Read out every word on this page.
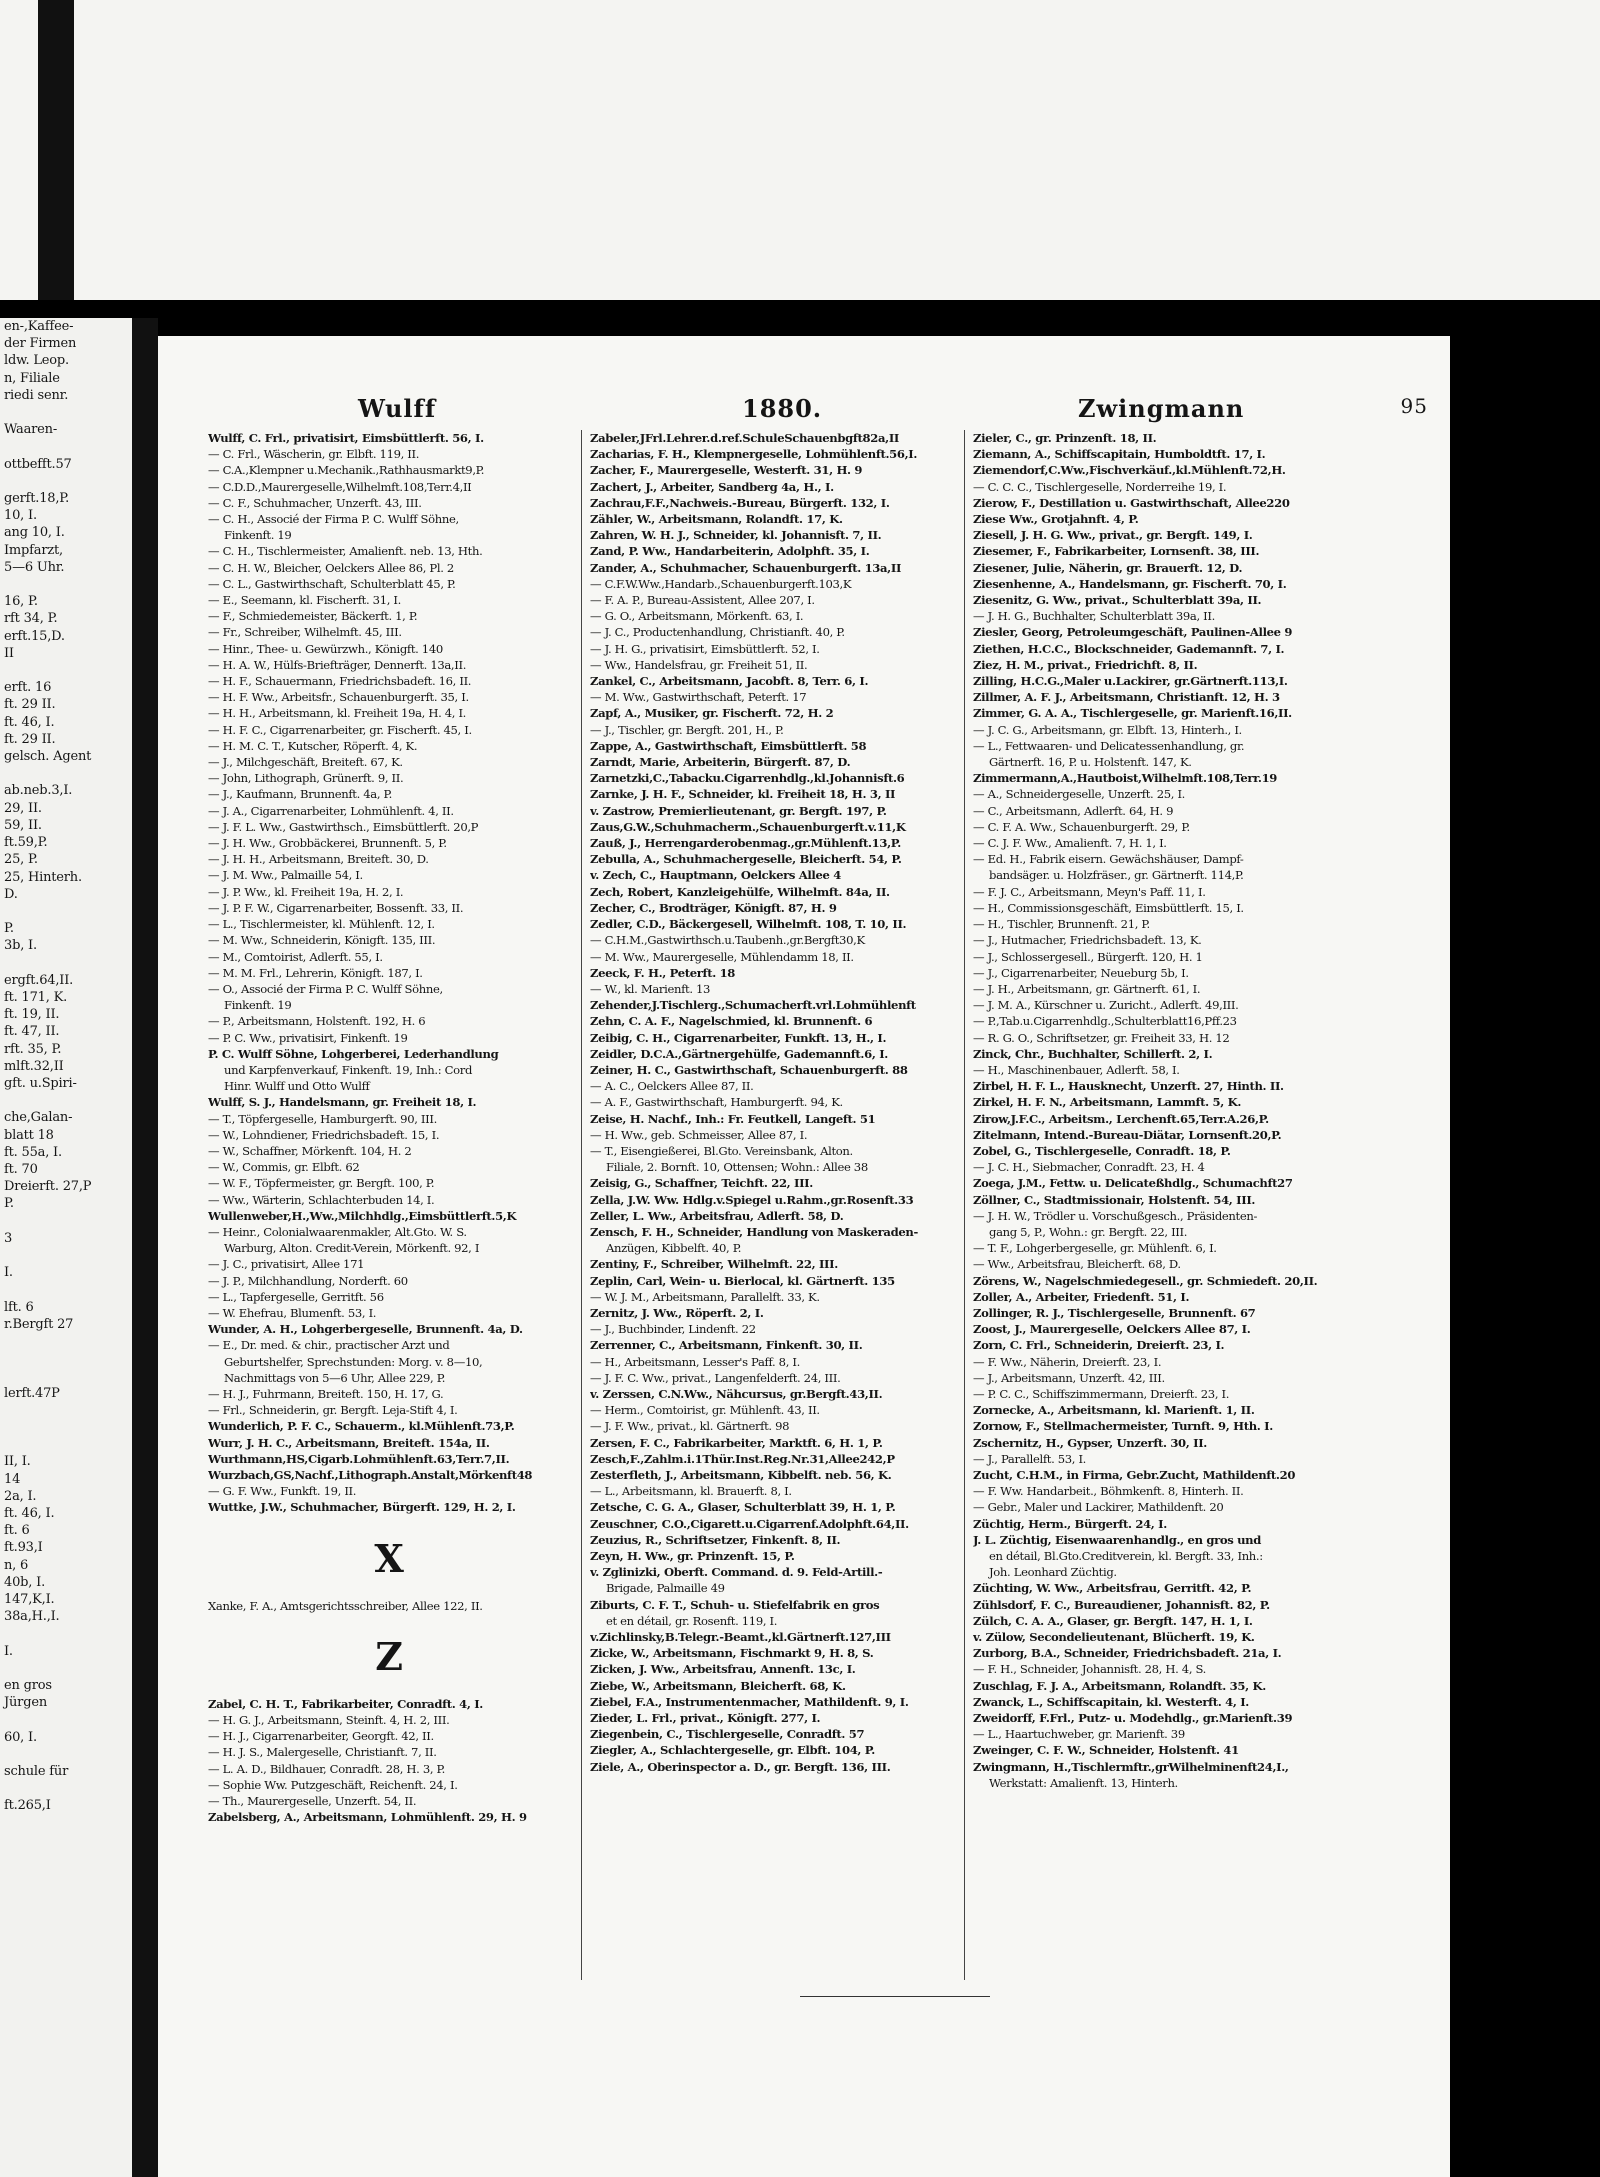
en-,Kaffee-
der Firmen
ldw. Leop.
n, Filiale
riedi senr.

Waaren-

ottbefft.57

gerft.18,P.
10, I.
ang 10, I.
Impfarzt,
5—6 Uhr.

16, P.
rft 34, P.
erft.15,D.
II

erft. 16
ft. 29 II.
ft. 46, I.
ft. 29 II.
gelsch. Agent

ab.neb.3,I.
29, II.
59, II.
ft.59,P.
25, P.
25, Hinterh.
D.

P.
3b, I.

ergft.64,II.
ft. 171, K.
ft. 19, II.
ft. 47, II.
rft. 35, P.
mlft.32,II
gft. u.Spiri-

che,Galan-
blatt 18
ft. 55a, I.
ft. 70
Dreierft. 27,P
P.

3

I.

lft. 6
r.Bergft 27

lerft.47P

II, I.
14
2a, I.
ft. 46, I.
ft. 6
ft.93,I
n, 6
40b, I.
147,K,I.
38a,H.,I.

I.

en gros
Jürgen

60, I.

schule für

ft.265,I
Wulff	1880.	Zwingmann	95
Wulff, C. Frl., privatisirt, Eimsbüttlerft. 56, I.
— C. Frl., Wäscherin, gr. Elbft. 119, II.
— C.A.,Klempner u.Mechanik.,Rathhausmarkt9,P.
— C.D.D.,Maurergeselle,Wilhelmft.108,Terr.4,II
— C. F., Schuhmacher, Unzerft. 43, III.
— C. H., Associé der Firma P. C. Wulff Söhne,
Finkenft. 19
— C. H., Tischlermeister, Amalienft. neb. 13, Hth.
— C. H. W., Bleicher, Oelckers Allee 86, Pl. 2
— C. L., Gastwirthschaft, Schulterblatt 45, P.
— E., Seemann, kl. Fischerft. 31, I.
— F., Schmiedemeister, Bäckerft. 1, P.
— Fr., Schreiber, Wilhelmft. 45, III.
— Hinr., Thee- u. Gewürzwh., Königft. 140
— H. A. W., Hülfs-Briefträger, Dennerft. 13a,II.
— H. F., Schauermann, Friedrichsbadeft. 16, II.
— H. F. Ww., Arbeitsfr., Schauenburgerft. 35, I.
— H. H., Arbeitsmann, kl. Freiheit 19a, H. 4, I.
— H. F. C., Cigarrenarbeiter, gr. Fischerft. 45, I.
— H. M. C. T., Kutscher, Röperft. 4, K.
— J., Milchgeschäft, Breiteft. 67, K.
— John, Lithograph, Grünerft. 9, II.
— J., Kaufmann, Brunnenft. 4a, P.
— J. A., Cigarrenarbeiter, Lohmühlenft. 4, II.
— J. F. L. Ww., Gastwirthsch., Eimsbüttlerft. 20,P
— J. H. Ww., Grobbäckerei, Brunnenft. 5, P.
— J. H. H., Arbeitsmann, Breiteft. 30, D.
— J. M. Ww., Palmaille 54, I.
— J. P. Ww., kl. Freiheit 19a, H. 2, I.
— J. P. F. W., Cigarrenarbeiter, Bossenft. 33, II.
— L., Tischlermeister, kl. Mühlenft. 12, I.
— M. Ww., Schneiderin, Königft. 135, III.
— M., Comtoirist, Adlerft. 55, I.
— M. M. Frl., Lehrerin, Königft. 187, I.
— O., Associé der Firma P. C. Wulff Söhne,
Finkenft. 19
— P., Arbeitsmann, Holstenft. 192, H. 6
— P. C. Ww., privatisirt, Finkenft. 19
P. C. Wulff Söhne, Lohgerberei, Lederhandlung
und Karpfenverkauf, Finkenft. 19, Inh.: Cord
Hinr. Wulff und Otto Wulff
Wulff, S. J., Handelsmann, gr. Freiheit 18, I.
— T., Töpfergeselle, Hamburgerft. 90, III.
— W., Lohndiener, Friedrichsbadeft. 15, I.
— W., Schaffner, Mörkenft. 104, H. 2
— W., Commis, gr. Elbft. 62
— W. F., Töpfermeister, gr. Bergft. 100, P.
— Ww., Wärterin, Schlachterbuden 14, I.
Wullenweber,H.,Ww.,Milchhdlg.,Eimsbüttlerft.5,K
— Heinr., Colonialwaarenmakler, Alt.Gto. W. S.
Warburg, Alton. Credit-Verein, Mörkenft. 92, I
— J. C., privatisirt, Allee 171
— J. P., Milchhandlung, Norderft. 60
— L., Tapfergeselle, Gerritft. 56
— W. Ehefrau, Blumenft. 53, I.
Wunder, A. H., Lohgerbergeselle, Brunnenft. 4a, D.
— E., Dr. med. & chir., practischer Arzt und
Geburtshelfer, Sprechstunden: Morg. v. 8—10,
Nachmittags von 5—6 Uhr, Allee 229, P.
— H. J., Fuhrmann, Breiteft. 150, H. 17, G.
— Frl., Schneiderin, gr. Bergft. Leja-Stift 4, I.
Wunderlich, P. F. C., Schauerm., kl.Mühlenft.73,P.
Wurr, J. H. C., Arbeitsmann, Breiteft. 154a, II.
Wurthmann,HS,Cigarb.Lohmühlenft.63,Terr.7,II.
Wurzbach,GS,Nachf.,Lithograph.Anstalt,Mörkenft48
— G. F. Ww., Funkft. 19, II.
Wuttke, J.W., Schuhmacher, Bürgerft. 129, H. 2, I.
X
Xanke, F. A., Amtsgerichtsschreiber, Allee 122, II.
Z
Zabel, C. H. T., Fabrikarbeiter, Conradft. 4, I.
— H. G. J., Arbeitsmann, Steinft. 4, H. 2, III.
— H. J., Cigarrenarbeiter, Georgft. 42, II.
— H. J. S., Malergeselle, Christianft. 7, II.
— L. A. D., Bildhauer, Conradft. 28, H. 3, P.
— Sophie Ww. Putzgeschäft, Reichenft. 24, I.
— Th., Maurergeselle, Unzerft. 54, II.
Zabelsberg, A., Arbeitsmann, Lohmühlenft. 29, H. 9
Zabeler,JFrl.Lehrer.d.ref.SchuleSchauenbgft82a,II
Zacharias, F. H., Klempnergeselle, Lohmühlenft.56,I.
Zacher, F., Maurergeselle, Westerft. 31, H. 9
Zachert, J., Arbeiter, Sandberg 4a, H., I.
Zachrau,F.F.,Nachweis.-Bureau, Bürgerft. 132, I.
Zähler, W., Arbeitsmann, Rolandft. 17, K.
Zahren, W. H. J., Schneider, kl. Johannisft. 7, II.
Zand, P. Ww., Handarbeiterin, Adolphft. 35, I.
Zander, A., Schuhmacher, Schauenburgerft. 13a,II
— C.F.W.Ww.,Handarb.,Schauenburgerft.103,K
— F. A. P., Bureau-Assistent, Allee 207, I.
— G. O., Arbeitsmann, Mörkenft. 63, I.
— J. C., Productenhandlung, Christianft. 40, P.
— J. H. G., privatisirt, Eimsbüttlerft. 52, I.
— Ww., Handelsfrau, gr. Freiheit 51, II.
Zankel, C., Arbeitsmann, Jacobft. 8, Terr. 6, I.
— M. Ww., Gastwirthschaft, Peterft. 17
Zapf, A., Musiker, gr. Fischerft. 72, H. 2
— J., Tischler, gr. Bergft. 201, H., P.
Zappe, A., Gastwirthschaft, Eimsbüttlerft. 58
Zarndt, Marie, Arbeiterin, Bürgerft. 87, D.
Zarnetzki,C.,Tabacku.Cigarrenhdlg.,kl.Johannisft.6
Zarnke, J. H. F., Schneider, kl. Freiheit 18, H. 3, II
v. Zastrow, Premierlieutenant, gr. Bergft. 197, P.
Zaus,G.W.,Schuhmacherm.,Schauenburgerft.v.11,K
Zauß, J., Herrengarderobenmag.,gr.Mühlenft.13,P.
Zebulla, A., Schuhmachergeselle, Bleicherft. 54, P.
v. Zech, C., Hauptmann, Oelckers Allee 4
Zech, Robert, Kanzleigehülfe, Wilhelmft. 84a, II.
Zecher, C., Brodträger, Königft. 87, H. 9
Zedler, C.D., Bäckergesell, Wilhelmft. 108, T. 10, II.
— C.H.M.,Gastwirthsch.u.Taubenh.,gr.Bergft30,K
— M. Ww., Maurergeselle, Mühlendamm 18, II.
Zeeck, F. H., Peterft. 18
— W., kl. Marienft. 13
Zehender,J.Tischlerg.,Schumacherft.vrl.Lohmühlenft
Zehn, C. A. F., Nagelschmied, kl. Brunnenft. 6
Zeibig, C. H., Cigarrenarbeiter, Funkft. 13, H., I.
Zeidler, D.C.A.,Gärtnergehülfe, Gademannft.6, I.
Zeiner, H. C., Gastwirthschaft, Schauenburgerft. 88
— A. C., Oelckers Allee 87, II.
— A. F., Gastwirthschaft, Hamburgerft. 94, K.
Zeise, H. Nachf., Inh.: Fr. Feutkell, Langeft. 51
— H. Ww., geb. Schmeisser, Allee 87, I.
— T., Eisengießerei, Bl.Gto. Vereinsbank, Alton.
Filiale, 2. Bornft. 10, Ottensen; Wohn.: Allee 38
Zeisig, G., Schaffner, Teichft. 22, III.
Zella, J.W. Ww. Hdlg.v.Spiegel u.Rahm.,gr.Rosenft.33
Zeller, L. Ww., Arbeitsfrau, Adlerft. 58, D.
Zensch, F. H., Schneider, Handlung von Maskeraden-
Anzügen, Kibbelft. 40, P.
Zentiny, F., Schreiber, Wilhelmft. 22, III.
Zeplin, Carl, Wein- u. Bierlocal, kl. Gärtnerft. 135
— W. J. M., Arbeitsmann, Parallelft. 33, K.
Zernitz, J. Ww., Röperft. 2, I.
— J., Buchbinder, Lindenft. 22
Zerrenner, C., Arbeitsmann, Finkenft. 30, II.
— H., Arbeitsmann, Lesser's Paff. 8, I.
— J. F. C. Ww., privat., Langenfelderft. 24, III.
v. Zerssen, C.N.Ww., Nähcursus, gr.Bergft.43,II.
— Herm., Comtoirist, gr. Mühlenft. 43, II.
— J. F. Ww., privat., kl. Gärtnerft. 98
Zersen, F. C., Fabrikarbeiter, Marktft. 6, H. 1, P.
Zesch,F.,Zahlm.i.1Thür.Inst.Reg.Nr.31,Allee242,P
Zesterfleth, J., Arbeitsmann, Kibbelft. neb. 56, K.
— L., Arbeitsmann, kl. Brauerft. 8, I.
Zetsche, C. G. A., Glaser, Schulterblatt 39, H. 1, P.
Zeuschner, C.O.,Cigarett.u.Cigarrenf.Adolphft.64,II.
Zeuzius, R., Schriftsetzer, Finkenft. 8, II.
Zeyn, H. Ww., gr. Prinzenft. 15, P.
v. Zglinizki, Oberft. Command. d. 9. Feld-Artill.-
Brigade, Palmaille 49
Ziburts, C. F. T., Schuh- u. Stiefelfabrik en gros
et en détail, gr. Rosenft. 119, I.
v.Zichlinsky,B.Telegr.-Beamt.,kl.Gärtnerft.127,III
Zicke, W., Arbeitsmann, Fischmarkt 9, H. 8, S.
Zicken, J. Ww., Arbeitsfrau, Annenft. 13c, I.
Ziebe, W., Arbeitsmann, Bleicherft. 68, K.
Ziebel, F.A., Instrumentenmacher, Mathildenft. 9, I.
Zieder, L. Frl., privat., Königft. 277, I.
Ziegenbein, C., Tischlergeselle, Conradft. 57
Ziegler, A., Schlachtergeselle, gr. Elbft. 104, P.
Ziele, A., Oberinspector a. D., gr. Bergft. 136, III.
Zieler, C., gr. Prinzenft. 18, II.
Ziemann, A., Schiffscapitain, Humboldtft. 17, I.
Ziemendorf,C.Ww.,Fischverkäuf.,kl.Mühlenft.72,H.
— C. C. C., Tischlergeselle, Norderreihe 19, I.
Zierow, F., Destillation u. Gastwirthschaft, Allee220
Ziese Ww., Grotjahnft. 4, P.
Ziesell, J. H. G. Ww., privat., gr. Bergft. 149, I.
Ziesemer, F., Fabrikarbeiter, Lornsenft. 38, III.
Ziesener, Julie, Näherin, gr. Brauerft. 12, D.
Ziesenhenne, A., Handelsmann, gr. Fischerft. 70, I.
Ziesenitz, G. Ww., privat., Schulterblatt 39a, II.
— J. H. G., Buchhalter, Schulterblatt 39a, II.
Ziesler, Georg, Petroleumgeschäft, Paulinen-Allee 9
Ziethen, H.C.C., Blockschneider, Gademannft. 7, I.
Ziez, H. M., privat., Friedrichft. 8, II.
Zilling, H.C.G.,Maler u.Lackirer, gr.Gärtnerft.113,I.
Zillmer, A. F. J., Arbeitsmann, Christianft. 12, H. 3
Zimmer, G. A. A., Tischlergeselle, gr. Marienft.16,II.
— J. C. G., Arbeitsmann, gr. Elbft. 13, Hinterh., I.
— L., Fettwaaren- und Delicatessenhandlung, gr.
Gärtnerft. 16, P. u. Holstenft. 147, K.
Zimmermann,A.,Hautboist,Wilhelmft.108,Terr.19
— A., Schneidergeselle, Unzerft. 25, I.
— C., Arbeitsmann, Adlerft. 64, H. 9
— C. F. A. Ww., Schauenburgerft. 29, P.
— C. J. F. Ww., Amalienft. 7, H. 1, I.
— Ed. H., Fabrik eisern. Gewächshäuser, Dampf-
bandsäger. u. Holzfräser., gr. Gärtnerft. 114,P.
— F. J. C., Arbeitsmann, Meyn's Paff. 11, I.
— H., Commissionsgeschäft, Eimsbüttlerft. 15, I.
— H., Tischler, Brunnenft. 21, P.
— J., Hutmacher, Friedrichsbadeft. 13, K.
— J., Schlossergesell., Bürgerft. 120, H. 1
— J., Cigarrenarbeiter, Neueburg 5b, I.
— J. H., Arbeitsmann, gr. Gärtnerft. 61, I.
— J. M. A., Kürschner u. Zuricht., Adlerft. 49,III.
— P.,Tab.u.Cigarrenhdlg.,Schulterblatt16,Pff.23
— R. G. O., Schriftsetzer, gr. Freiheit 33, H. 12
Zinck, Chr., Buchhalter, Schillerft. 2, I.
— H., Maschinenbauer, Adlerft. 58, I.
Zirbel, H. F. L., Hausknecht, Unzerft. 27, Hinth. II.
Zirkel, H. F. N., Arbeitsmann, Lammft. 5, K.
Zirow,J.F.C., Arbeitsm., Lerchenft.65,Terr.A.26,P.
Zitelmann, Intend.-Bureau-Diätar, Lornsenft.20,P.
Zobel, G., Tischlergeselle, Conradft. 18, P.
— J. C. H., Siebmacher, Conradft. 23, H. 4
Zoega, J.M., Fettw. u. Delicateßhdlg., Schumachft27
Zöllner, C., Stadtmissionair, Holstenft. 54, III.
— J. H. W., Trödler u. Vorschußgesch., Präsidenten-
gang 5, P., Wohn.: gr. Bergft. 22, III.
— T. F., Lohgerbergeselle, gr. Mühlenft. 6, I.
— Ww., Arbeitsfrau, Bleicherft. 68, D.
Zörens, W., Nagelschmiedegesell., gr. Schmiedeft. 20,II.
Zoller, A., Arbeiter, Friedenft. 51, I.
Zollinger, R. J., Tischlergeselle, Brunnenft. 67
Zoost, J., Maurergeselle, Oelckers Allee 87, I.
Zorn, C. Frl., Schneiderin, Dreierft. 23, I.
— F. Ww., Näherin, Dreierft. 23, I.
— J., Arbeitsmann, Unzerft. 42, III.
— P. C. C., Schiffszimmermann, Dreierft. 23, I.
Zornecke, A., Arbeitsmann, kl. Marienft. 1, II.
Zornow, F., Stellmachermeister, Turnft. 9, Hth. I.
Zschernitz, H., Gypser, Unzerft. 30, II.
— J., Parallelft. 53, I.
Zucht, C.H.M., in Firma, Gebr.Zucht, Mathildenft.20
— F. Ww. Handarbeit., Böhmkenft. 8, Hinterh. II.
— Gebr., Maler und Lackirer, Mathildenft. 20
Züchtig, Herm., Bürgerft. 24, I.
J. L. Züchtig, Eisenwaarenhandlg., en gros und
en détail, Bl.Gto.Creditverein, kl. Bergft. 33, Inh.:
Joh. Leonhard Züchtig.
Züchting, W. Ww., Arbeitsfrau, Gerritft. 42, P.
Zühlsdorf, F. C., Bureaudiener, Johannisft. 82, P.
Zülch, C. A. A., Glaser, gr. Bergft. 147, H. 1, I.
v. Zülow, Secondelieutenant, Blücherft. 19, K.
Zurborg, B.A., Schneider, Friedrichsbadeft. 21a, I.
— F. H., Schneider, Johannisft. 28, H. 4, S.
Zuschlag, F. J. A., Arbeitsmann, Rolandft. 35, K.
Zwanck, L., Schiffscapitain, kl. Westerft. 4, I.
Zweidorff, F.Frl., Putz- u. Modehdlg., gr.Marienft.39
— L., Haartuchweber, gr. Marienft. 39
Zweinger, C. F. W., Schneider, Holstenft. 41
Zwingmann, H.,Tischlermftr.,grWilhelminenft24,I.,
Werkstatt: Amalienft. 13, Hinterh.
